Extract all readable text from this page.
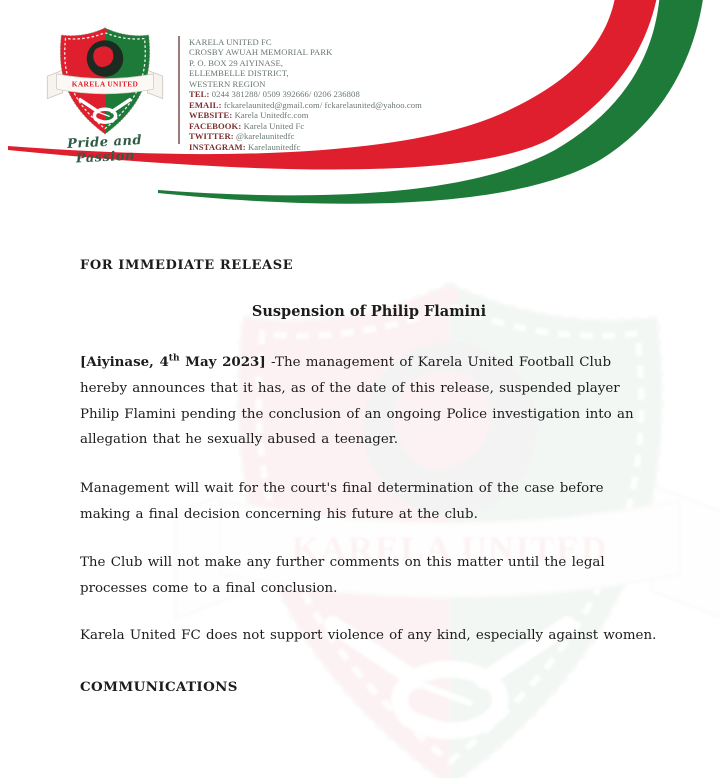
KARELA UNITED
Pride and Passion
KARELA UNITED FC
CROSBY AWUAH MEMORIAL PARK
P. O. BOX 29 AIYINASE,
ELLEMBELLE DISTRICT,
WESTERN REGION
TEL: 0244 381288/ 0509 392666/ 0206 236808
EMAIL: fckarelaunited@gmail.com/ fckarelaunited@yahoo.com
WEBSITE: Karela Unitedfc.com
FACEBOOK: Karela United Fc
TWITTER: @karelaunitedfc
INSTAGRAM: Karelaunitedfc
FOR IMMEDIATE RELEASE
Suspension of Philip Flamini

[Aiyinase, 4th May 2023] -The management of Karela United Football Club hereby announces that it has, as of the date of this release, suspended player Philip Flamini pending the conclusion of an ongoing Police investigation into an allegation that he sexually abused a teenager.

Management will wait for the court's final determination of the case before making a final decision concerning his future at the club.

The Club will not make any further comments on this matter until the legal processes come to a final conclusion.

Karela United FC does not support violence of any kind, especially against women.

COMMUNICATIONS
